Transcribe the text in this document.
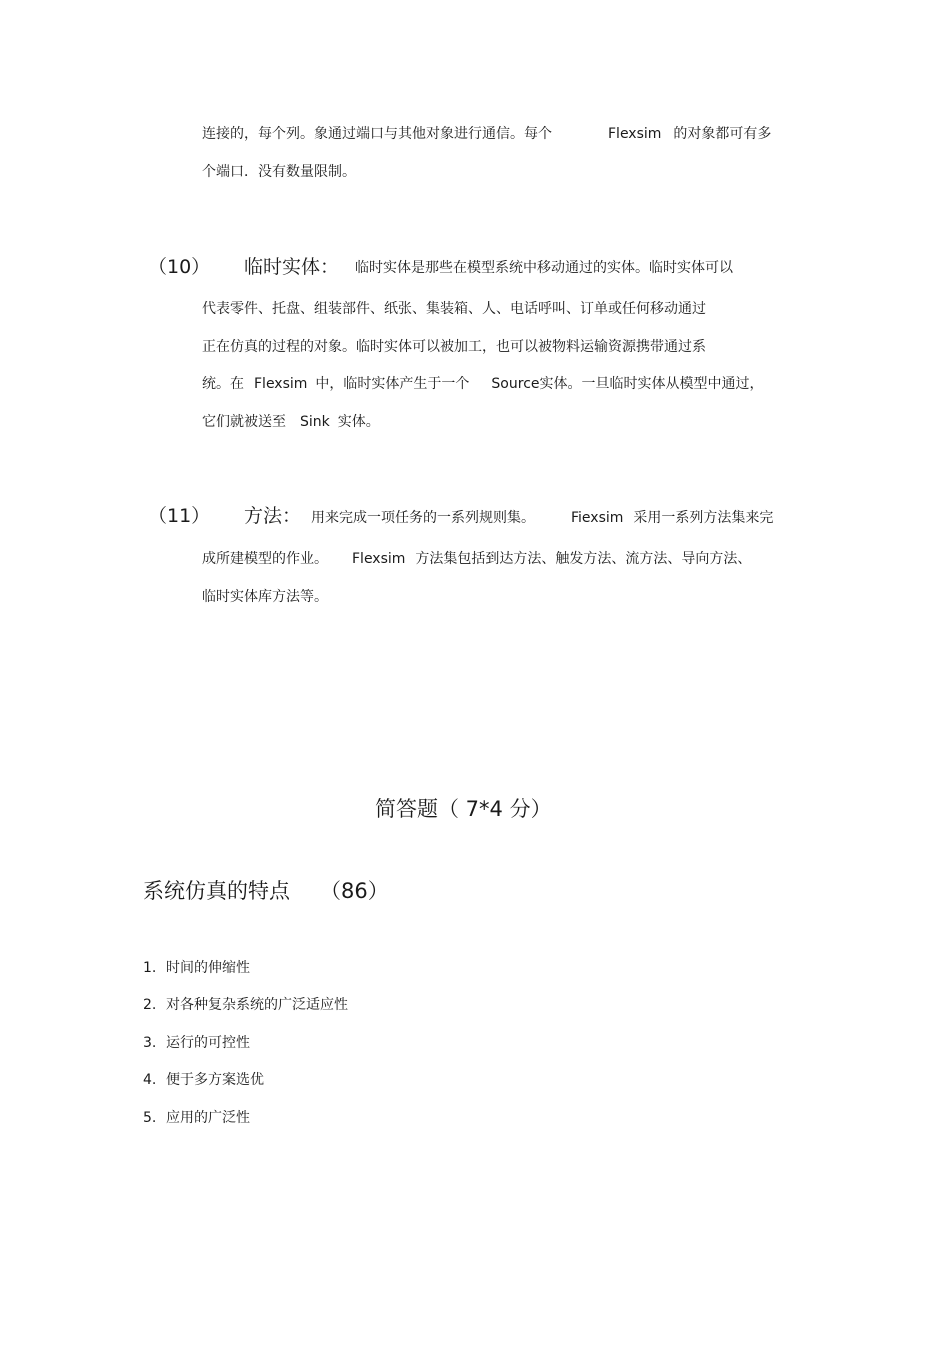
连接的，每个列。象通过端口与其他对象进行通信。每个	Flexsim 的对象都可有多
个端口．没有数量限制。
（10） 临时实体： 临时实体是那些在模型系统中移动通过的实体。临时实体可以
代表零件、托盘、组装部件、纸张、集装箱、人、电话呼叫、订单或任何移动通过
正在仿真的过程的对象。临时实体可以被加工，也可以被物料运输资源携带通过系
统。在 Flexsim 中，临时实体产生于一个 Source实体。一旦临时实体从模型中通过，
它们就被送至 Sink 实体。
（11） 方法： 用来完成一项任务的一系列规则集。	Fiexsim 采用一系列方法集来完
成所建模型的作业。 Flexsim 方法集包括到达方法、触发方法、流方法、导向方法、
临时实体库方法等。
简答题（ 7*4 分）
系统仿真的特点 （86）
1. 时间的伸缩性
2. 对各种复杂系统的广泛适应性
3. 运行的可控性
4. 便于多方案选优
5. 应用的广泛性
